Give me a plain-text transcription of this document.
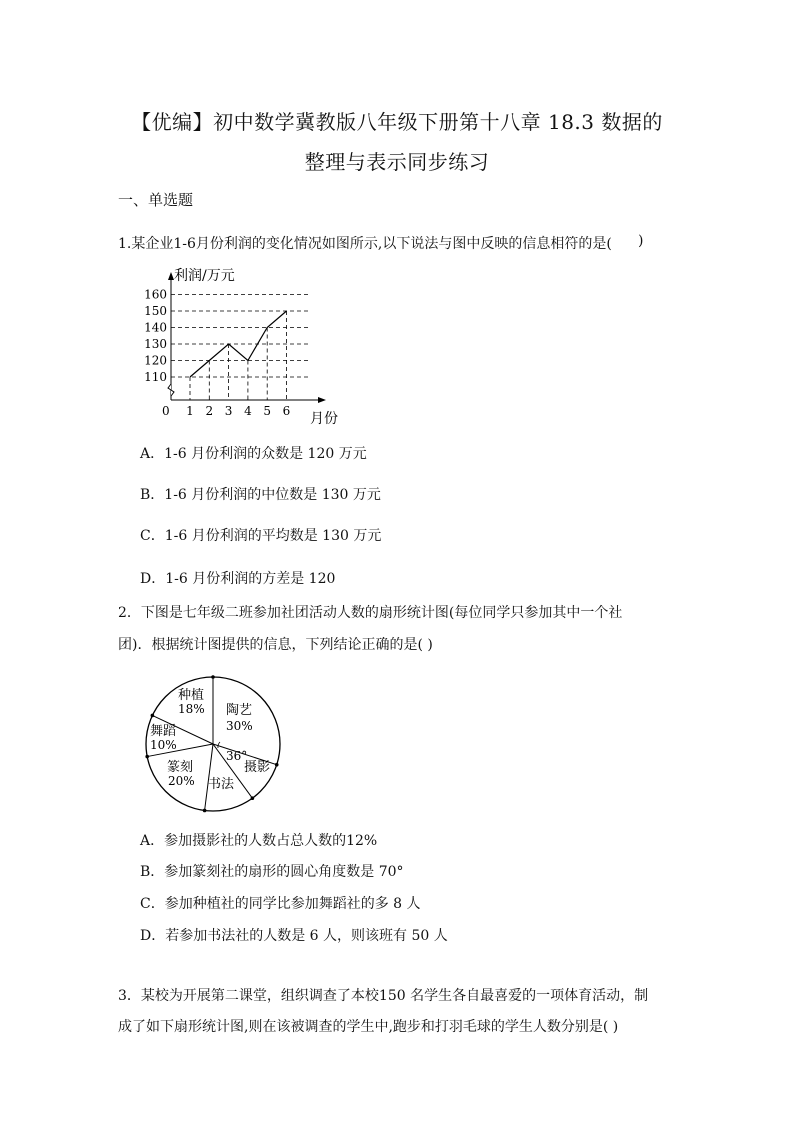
【优编】初中数学冀教版八年级下册第十八章 18.3 数据的
整理与表示同步练习
一、单选题
1.某企业1-6月份利润的变化情况如图所示,以下说法与图中反映的信息相符的是( )
110
120
130
140
150
160
1 2 3 4 5 6
利润/万元
月份
0
A．1-6 月份利润的众数是 120 万元
B．1-6 月份利润的中位数是 130 万元
C．1-6 月份利润的平均数是 130 万元
D．1-6 月份利润的方差是 120
2．下图是七年级二班参加社团活动人数的扇形统计图(每位同学只参加其中一个社
团)．根据统计图提供的信息，下列结论正确的是( )
陶艺
30%
摄影
书法
篆刻
20%
舞蹈
10%
种植
18%
36°
A．参加摄影社的人数占总人数的12%
B．参加篆刻社的扇形的圆心角度数是 70°
C．参加种植社的同学比参加舞蹈社的多 8 人
D．若参加书法社的人数是 6 人，则该班有 50 人
3．某校为开展第二课堂，组织调查了本校150 名学生各自最喜爱的一项体育活动，制
成了如下扇形统计图,则在该被调查的学生中,跑步和打羽毛球的学生人数分别是( )
